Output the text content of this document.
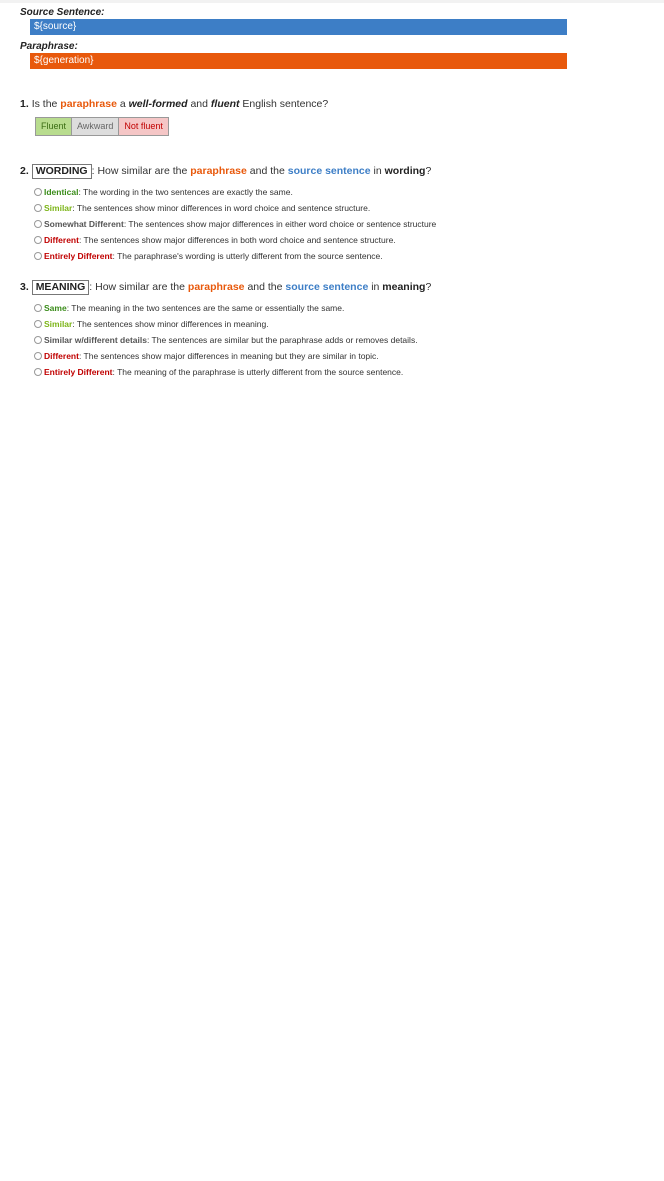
Source Sentence:
${source}
Paraphrase:
${generation}
1. Is the paraphrase a well-formed and fluent English sentence?
Fluent	Awkward	Not fluent
2. WORDING : How similar are the paraphrase and the source sentence in wording?
Identical : The wording in the two sentences are exactly the same.
Similar : The sentences show minor differences in word choice and sentence structure.
Somewhat Different : The sentences show major differences in either word choice or sentence structure
Different : The sentences show major differences in both word choice and sentence structure.
Entirely Different : The paraphrase's wording is utterly different from the source sentence.
3. MEANING : How similar are the paraphrase and the source sentence in meaning?
Same : The meaning in the two sentences are the same or essentially the same.
Similar : The sentences show minor differences in meaning.
Similar w/different details : The sentences are similar but the paraphrase adds or removes details.
Different : The sentences show major differences in meaning but they are similar in topic.
Entirely Different : The meaning of the paraphrase is utterly different from the source sentence.
